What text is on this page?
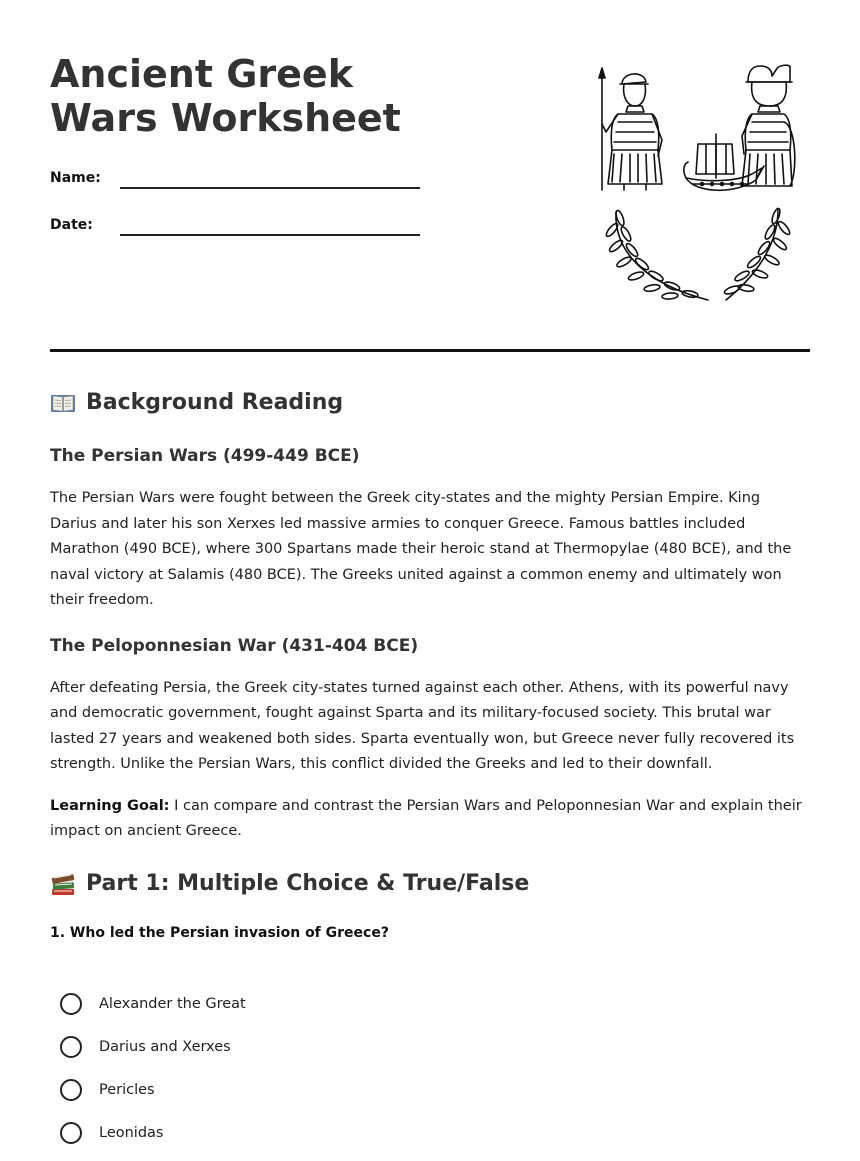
Ancient Greek Wars Worksheet
Name:
Date:
Background Reading
The Persian Wars (499-449 BCE)

The Persian Wars were fought between the Greek city-states and the mighty Persian Empire. King Darius and later his son Xerxes led massive armies to conquer Greece. Famous battles included Marathon (490 BCE), where 300 Spartans made their heroic stand at Thermopylae (480 BCE), and the naval victory at Salamis (480 BCE). The Greeks united against a common enemy and ultimately won their freedom.

The Peloponnesian War (431-404 BCE)

After defeating Persia, the Greek city-states turned against each other. Athens, with its powerful navy and democratic government, fought against Sparta and its military-focused society. This brutal war lasted 27 years and weakened both sides. Sparta eventually won, but Greece never fully recovered its strength. Unlike the Persian Wars, this conflict divided the Greeks and led to their downfall.

Learning Goal: I can compare and contrast the Persian Wars and Peloponnesian War and explain their impact on ancient Greece.

Part 1: Multiple Choice & True/False
1. Who led the Persian invasion of Greece?
Alexander the Great
Darius and Xerxes
Pericles
Leonidas
